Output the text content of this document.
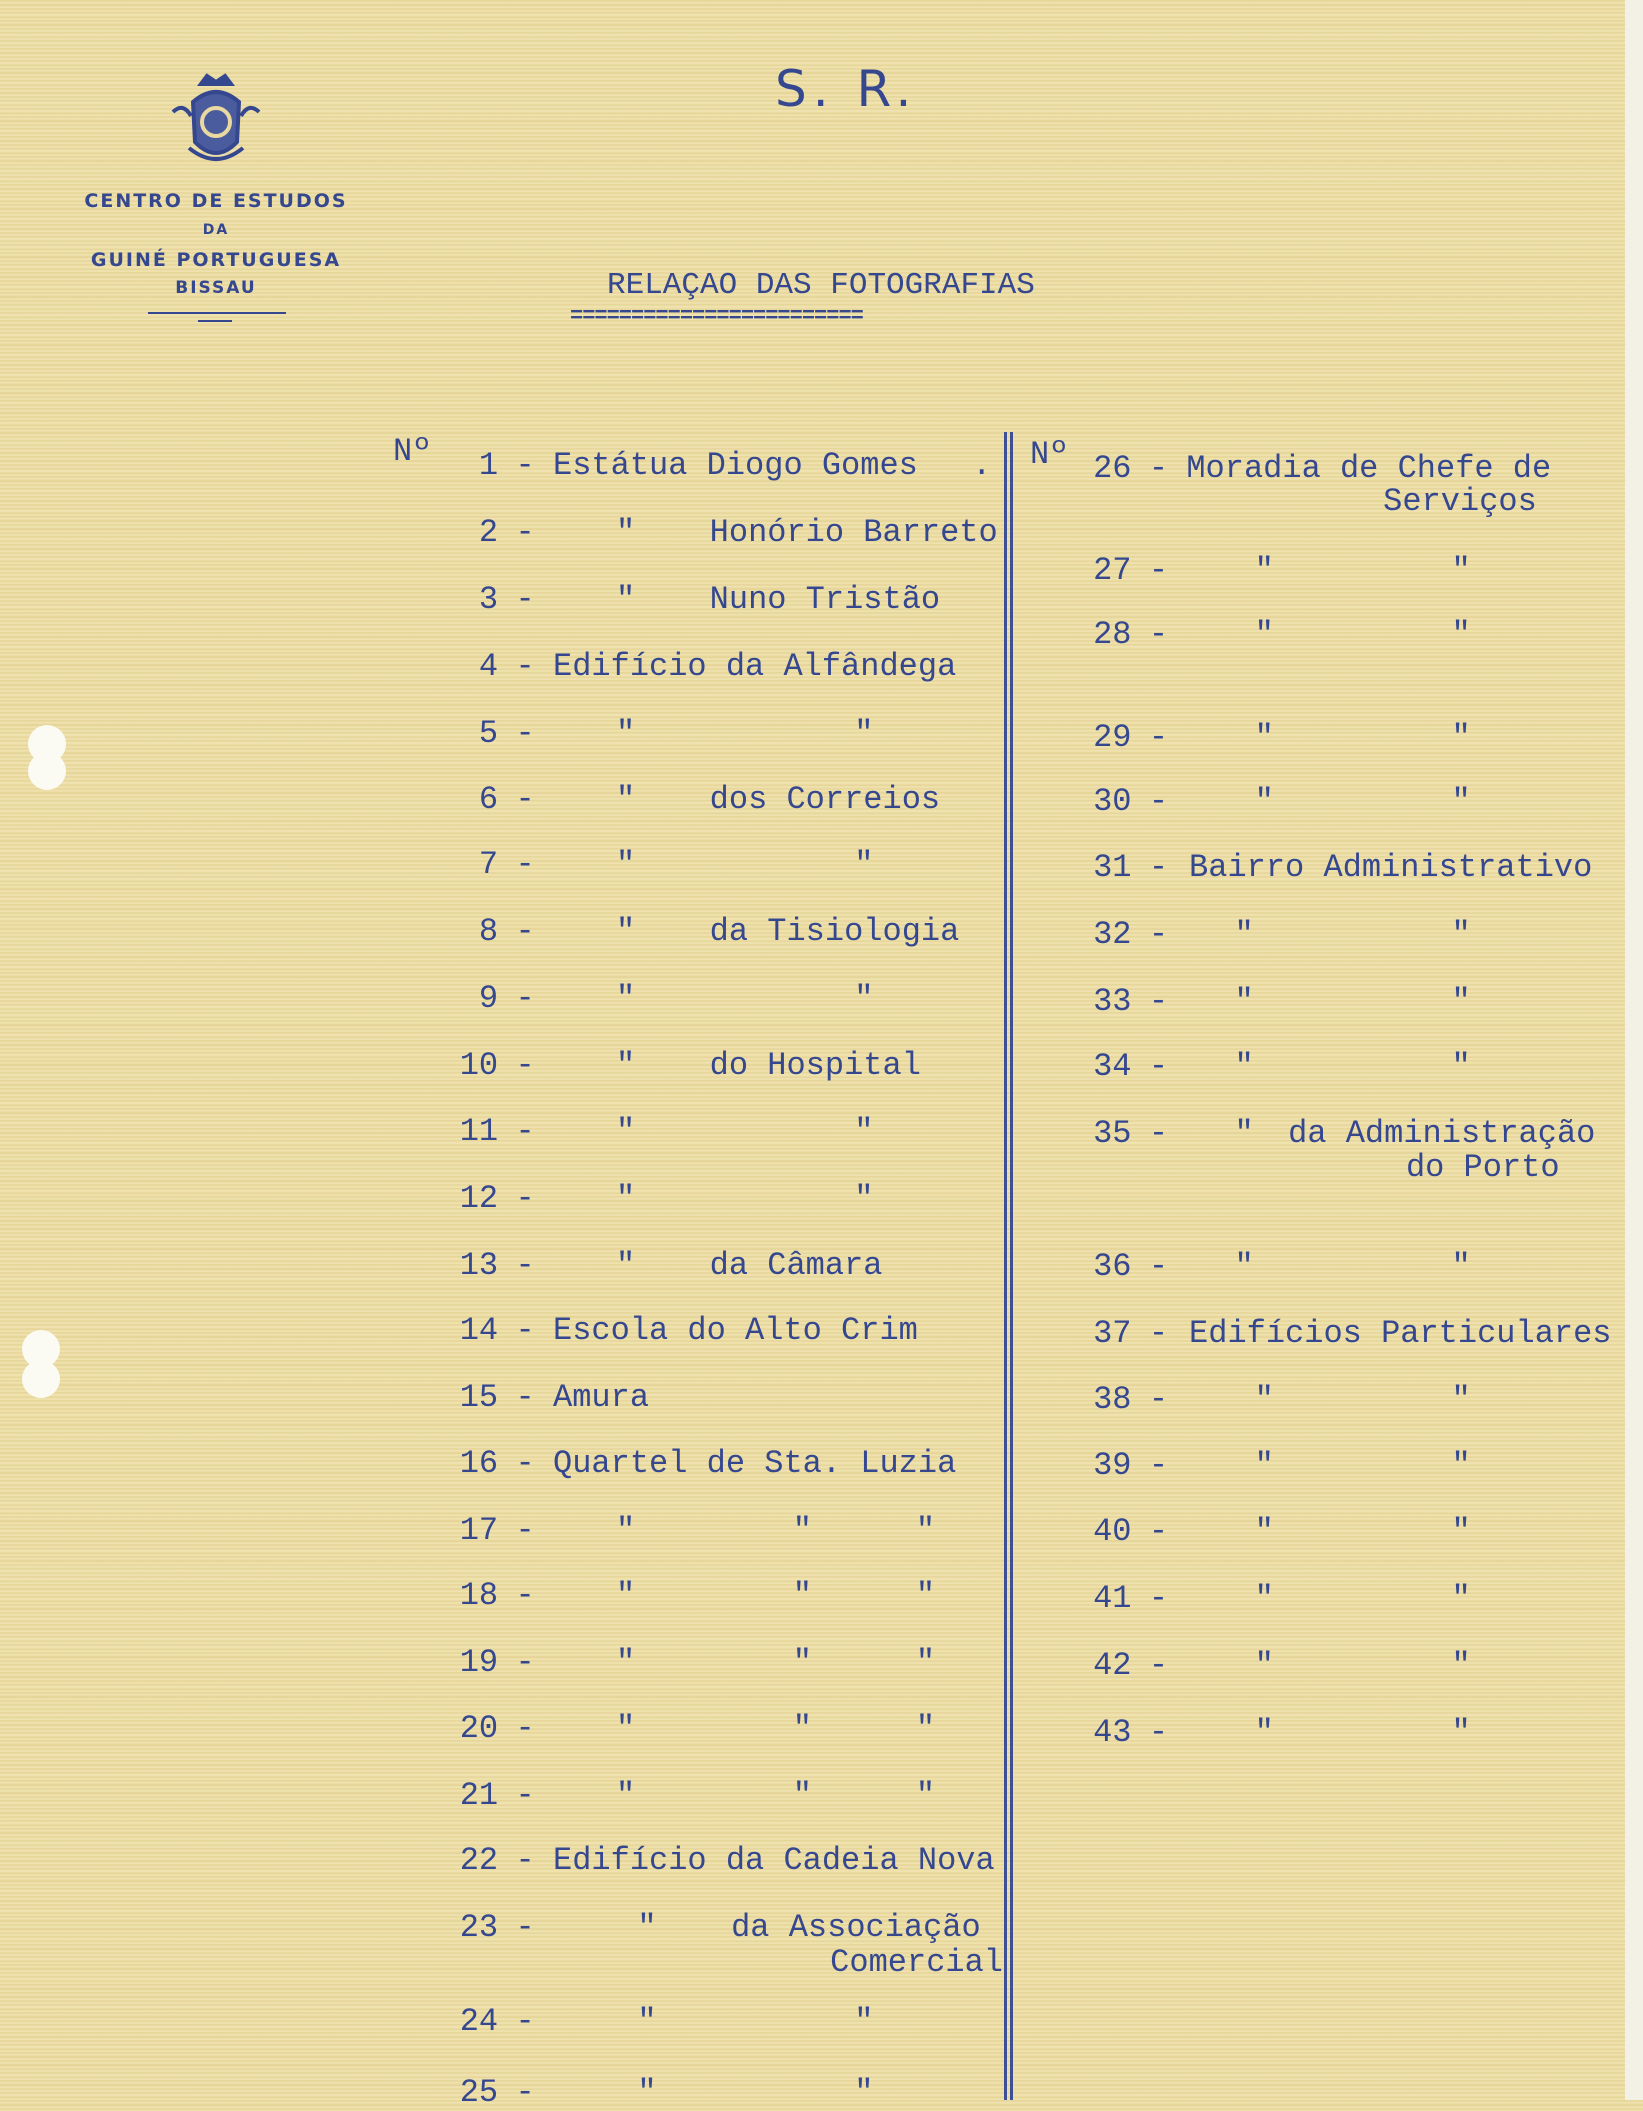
CENTRO DE ESTUDOS
DA
GUINÉ PORTUGUESA
BISSAU
S. R.
RELAÇAO DAS FOTOGRAFIAS
========================
Nº	Nº
1 - Estátua Diogo Gomes .
2 -	" Honório Barreto
3 -	" Nuno Tristão
4 - Edifício da Alfândega
5 -	"	"
6 -	" dos Correios
7 -	"	"
8 -	" da Tisiologia
9 -	"	"
10 -	" do Hospital
11 -	"	"
12 -	"	"
13 -	" da Câmara
14 - Escola do Alto Crim
15 - Amura
16 - Quartel de Sta. Luzia
17 -	"	"	"
18 -	"	"	"
19 -	"	"	"
20 -	"	"	"
21 -	"	"	"
22 - Edifício da Cadeia Nova
23 -	" da Associação
Comercial
24 -	"	"
25 -	"	"
26 - Moradia de Chefe de
Serviços
27 -	"	"
28 -	"	"
29 -	"	"
30 -	"	"
31 - Bairro Administrativo
32 - "	"
33 - "	"
34 - "	"
35 - " da Administração
do Porto
36 - "	"
37 - Edifícios Particulares
38 -	"	"
39 -	"	"
40 -	"	"
41 -	"	"
42 -	"	"
43 -	"	"
